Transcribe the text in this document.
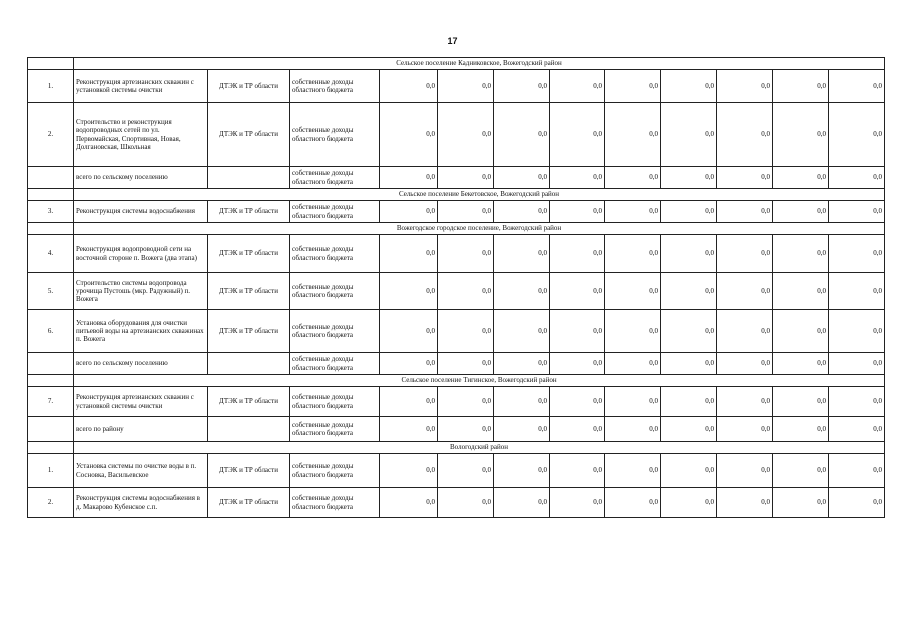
17
	Сельское поселение Кадниковское, Вожегодский район											
1.	Реконструкция артезианских скважин с установкой системы очистки	ДТЭК и ТР области	собственные доходы областного бюджета	0,0	0,0	0,0	0,0	0,0	0,0	0,0	0,0	0,0
2.	Строительство и реконструкция водопроводных сетей по ул. Первомайская, Спортивная, Новая, Долгановская, Школьная	ДТЭК и ТР области	собственные доходы областного бюджета	0,0	0,0	0,0	0,0	0,0	0,0	0,0	0,0	0,0
	всего по сельскому поселению		собственные доходы областного бюджета	0,0	0,0	0,0	0,0	0,0	0,0	0,0	0,0	0,0
	Сельское поселение Бекетовское, Вожегодский район											
3.	Реконструкция системы водоснабжения	ДТЭК и ТР области	собственные доходы областного бюджета	0,0	0,0	0,0	0,0	0,0	0,0	0,0	0,0	0,0
	Вожегодское городское поселение, Вожегодский район											
4.	Реконструкция водопроводной сети на восточной стороне п. Вожега (два этапа)	ДТЭК и ТР области	собственные доходы областного бюджета	0,0	0,0	0,0	0,0	0,0	0,0	0,0	0,0	0,0
5.	Строительство системы водопровода урочища Пустошь (мкр. Радужный) п. Вожега	ДТЭК и ТР области	собственные доходы областного бюджета	0,0	0,0	0,0	0,0	0,0	0,0	0,0	0,0	0,0
6.	Установка оборудования для очистки питьевой воды на артезианских скважинах п. Вожега	ДТЭК и ТР области	собственные доходы областного бюджета	0,0	0,0	0,0	0,0	0,0	0,0	0,0	0,0	0,0
	всего по сельскому поселению		собственные доходы областного бюджета	0,0	0,0	0,0	0,0	0,0	0,0	0,0	0,0	0,0
	Сельское поселение Тигинское, Вожегодский район											
7.	Реконструкция артезианских скважин с установкой системы очистки	ДТЭК и ТР области	собственные доходы областного бюджета	0,0	0,0	0,0	0,0	0,0	0,0	0,0	0,0	0,0
	всего по району		собственные доходы областного бюджета	0,0	0,0	0,0	0,0	0,0	0,0	0,0	0,0	0,0
	Вологодский район											
1.	Установка системы по очистке воды в п. Сосновка, Васильевское	ДТЭК и ТР области	собственные доходы областного бюджета	0,0	0,0	0,0	0,0	0,0	0,0	0,0	0,0	0,0
2.	Реконструкция системы водоснабжения в д. Макарово Кубенское с.п.	ДТЭК и ТР области	собственные доходы областного бюджета	0,0	0,0	0,0	0,0	0,0	0,0	0,0	0,0	0,0
